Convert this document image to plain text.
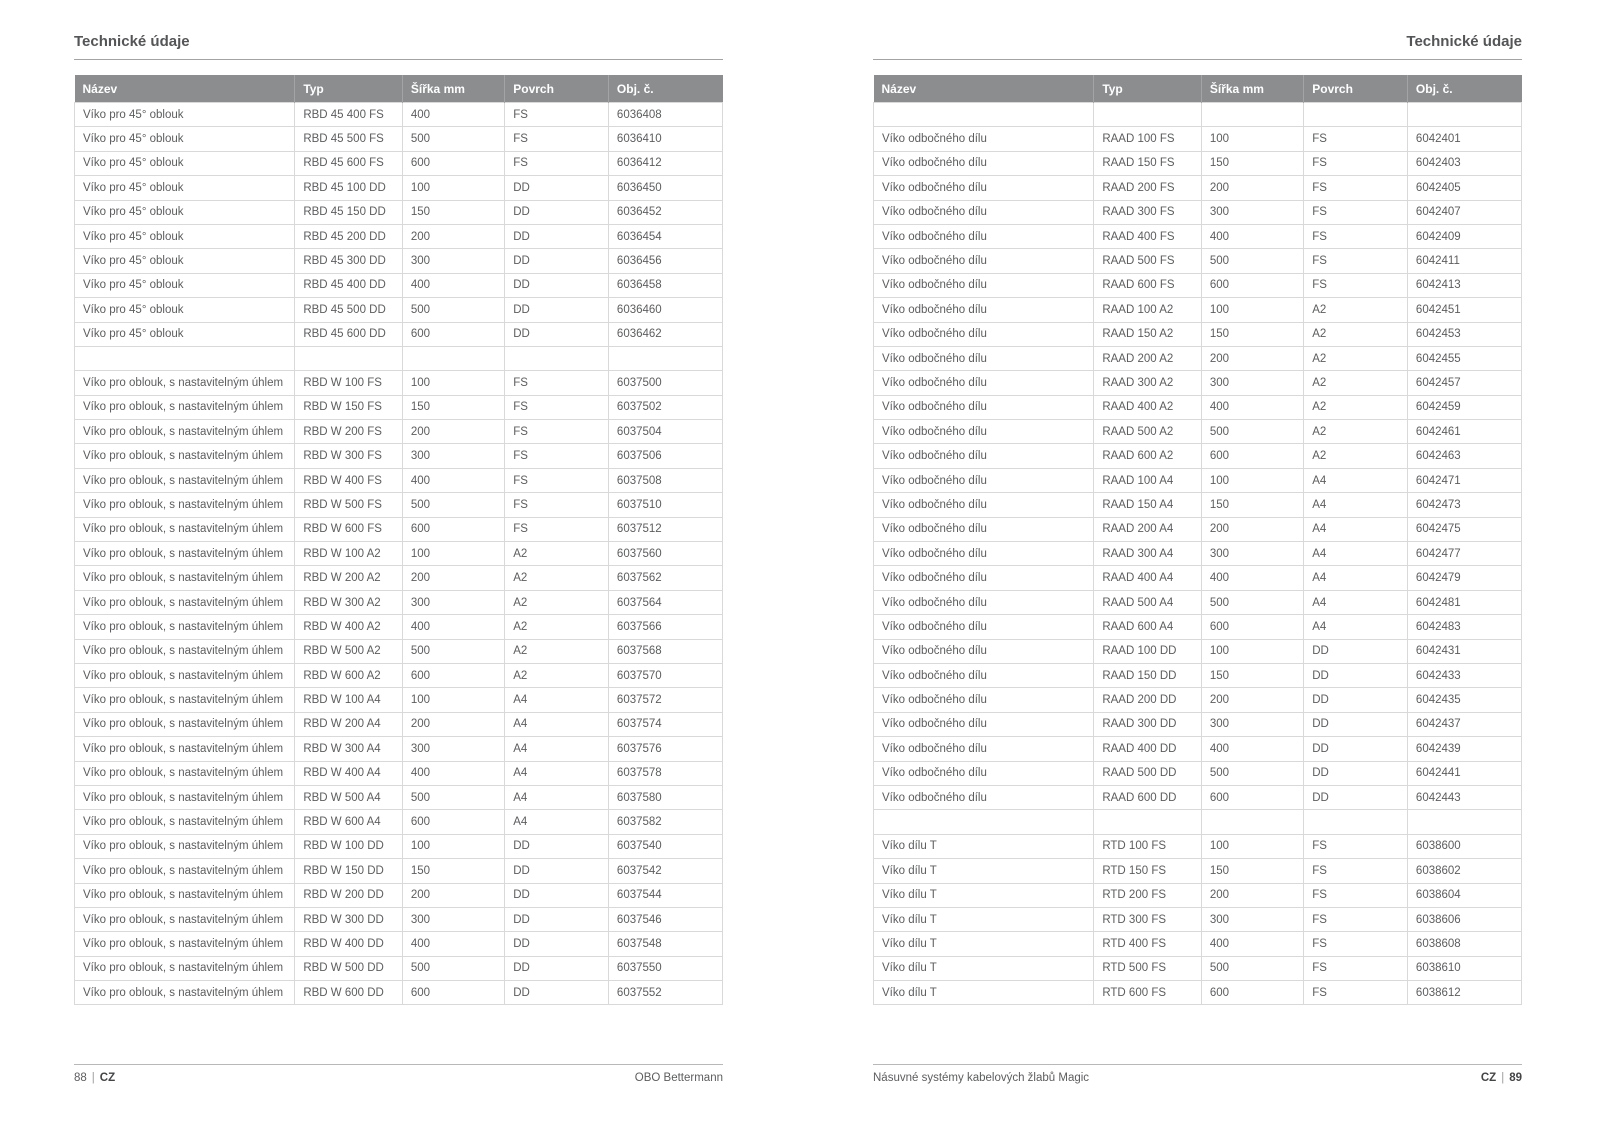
Technické údaje
Název	Typ	Šířka mm	Povrch	Obj. č.
Víko pro 45° oblouk	RBD 45 400 FS	400	FS	6036408
Víko pro 45° oblouk	RBD 45 500 FS	500	FS	6036410
Víko pro 45° oblouk	RBD 45 600 FS	600	FS	6036412
Víko pro 45° oblouk	RBD 45 100 DD	100	DD	6036450
Víko pro 45° oblouk	RBD 45 150 DD	150	DD	6036452
Víko pro 45° oblouk	RBD 45 200 DD	200	DD	6036454
Víko pro 45° oblouk	RBD 45 300 DD	300	DD	6036456
Víko pro 45° oblouk	RBD 45 400 DD	400	DD	6036458
Víko pro 45° oblouk	RBD 45 500 DD	500	DD	6036460
Víko pro 45° oblouk	RBD 45 600 DD	600	DD	6036462

Víko pro oblouk, s nastavitelným úhlem	RBD W 100 FS	100	FS	6037500
Víko pro oblouk, s nastavitelným úhlem	RBD W 150 FS	150	FS	6037502
Víko pro oblouk, s nastavitelným úhlem	RBD W 200 FS	200	FS	6037504
Víko pro oblouk, s nastavitelným úhlem	RBD W 300 FS	300	FS	6037506
Víko pro oblouk, s nastavitelným úhlem	RBD W 400 FS	400	FS	6037508
Víko pro oblouk, s nastavitelným úhlem	RBD W 500 FS	500	FS	6037510
Víko pro oblouk, s nastavitelným úhlem	RBD W 600 FS	600	FS	6037512
Víko pro oblouk, s nastavitelným úhlem	RBD W 100 A2	100	A2	6037560
Víko pro oblouk, s nastavitelným úhlem	RBD W 200 A2	200	A2	6037562
Víko pro oblouk, s nastavitelným úhlem	RBD W 300 A2	300	A2	6037564
Víko pro oblouk, s nastavitelným úhlem	RBD W 400 A2	400	A2	6037566
Víko pro oblouk, s nastavitelným úhlem	RBD W 500 A2	500	A2	6037568
Víko pro oblouk, s nastavitelným úhlem	RBD W 600 A2	600	A2	6037570
Víko pro oblouk, s nastavitelným úhlem	RBD W 100 A4	100	A4	6037572
Víko pro oblouk, s nastavitelným úhlem	RBD W 200 A4	200	A4	6037574
Víko pro oblouk, s nastavitelným úhlem	RBD W 300 A4	300	A4	6037576
Víko pro oblouk, s nastavitelným úhlem	RBD W 400 A4	400	A4	6037578
Víko pro oblouk, s nastavitelným úhlem	RBD W 500 A4	500	A4	6037580
Víko pro oblouk, s nastavitelným úhlem	RBD W 600 A4	600	A4	6037582
Víko pro oblouk, s nastavitelným úhlem	RBD W 100 DD	100	DD	6037540
Víko pro oblouk, s nastavitelným úhlem	RBD W 150 DD	150	DD	6037542
Víko pro oblouk, s nastavitelným úhlem	RBD W 200 DD	200	DD	6037544
Víko pro oblouk, s nastavitelným úhlem	RBD W 300 DD	300	DD	6037546
Víko pro oblouk, s nastavitelným úhlem	RBD W 400 DD	400	DD	6037548
Víko pro oblouk, s nastavitelným úhlem	RBD W 500 DD	500	DD	6037550
Víko pro oblouk, s nastavitelným úhlem	RBD W 600 DD	600	DD	6037552
88 | CZ	OBO Bettermann
Technické údaje
Název	Typ	Šířka mm	Povrch	Obj. č.

Víko odbočného dílu	RAAD 100 FS	100	FS	6042401
Víko odbočného dílu	RAAD 150 FS	150	FS	6042403
Víko odbočného dílu	RAAD 200 FS	200	FS	6042405
Víko odbočného dílu	RAAD 300 FS	300	FS	6042407
Víko odbočného dílu	RAAD 400 FS	400	FS	6042409
Víko odbočného dílu	RAAD 500 FS	500	FS	6042411
Víko odbočného dílu	RAAD 600 FS	600	FS	6042413
Víko odbočného dílu	RAAD 100 A2	100	A2	6042451
Víko odbočného dílu	RAAD 150 A2	150	A2	6042453
Víko odbočného dílu	RAAD 200 A2	200	A2	6042455
Víko odbočného dílu	RAAD 300 A2	300	A2	6042457
Víko odbočného dílu	RAAD 400 A2	400	A2	6042459
Víko odbočného dílu	RAAD 500 A2	500	A2	6042461
Víko odbočného dílu	RAAD 600 A2	600	A2	6042463
Víko odbočného dílu	RAAD 100 A4	100	A4	6042471
Víko odbočného dílu	RAAD 150 A4	150	A4	6042473
Víko odbočného dílu	RAAD 200 A4	200	A4	6042475
Víko odbočného dílu	RAAD 300 A4	300	A4	6042477
Víko odbočného dílu	RAAD 400 A4	400	A4	6042479
Víko odbočného dílu	RAAD 500 A4	500	A4	6042481
Víko odbočného dílu	RAAD 600 A4	600	A4	6042483
Víko odbočného dílu	RAAD 100 DD	100	DD	6042431
Víko odbočného dílu	RAAD 150 DD	150	DD	6042433
Víko odbočného dílu	RAAD 200 DD	200	DD	6042435
Víko odbočného dílu	RAAD 300 DD	300	DD	6042437
Víko odbočného dílu	RAAD 400 DD	400	DD	6042439
Víko odbočného dílu	RAAD 500 DD	500	DD	6042441
Víko odbočného dílu	RAAD 600 DD	600	DD	6042443

Víko dílu T	RTD 100 FS	100	FS	6038600
Víko dílu T	RTD 150 FS	150	FS	6038602
Víko dílu T	RTD 200 FS	200	FS	6038604
Víko dílu T	RTD 300 FS	300	FS	6038606
Víko dílu T	RTD 400 FS	400	FS	6038608
Víko dílu T	RTD 500 FS	500	FS	6038610
Víko dílu T	RTD 600 FS	600	FS	6038612
Násuvné systémy kabelových žlabů Magic	CZ | 89
